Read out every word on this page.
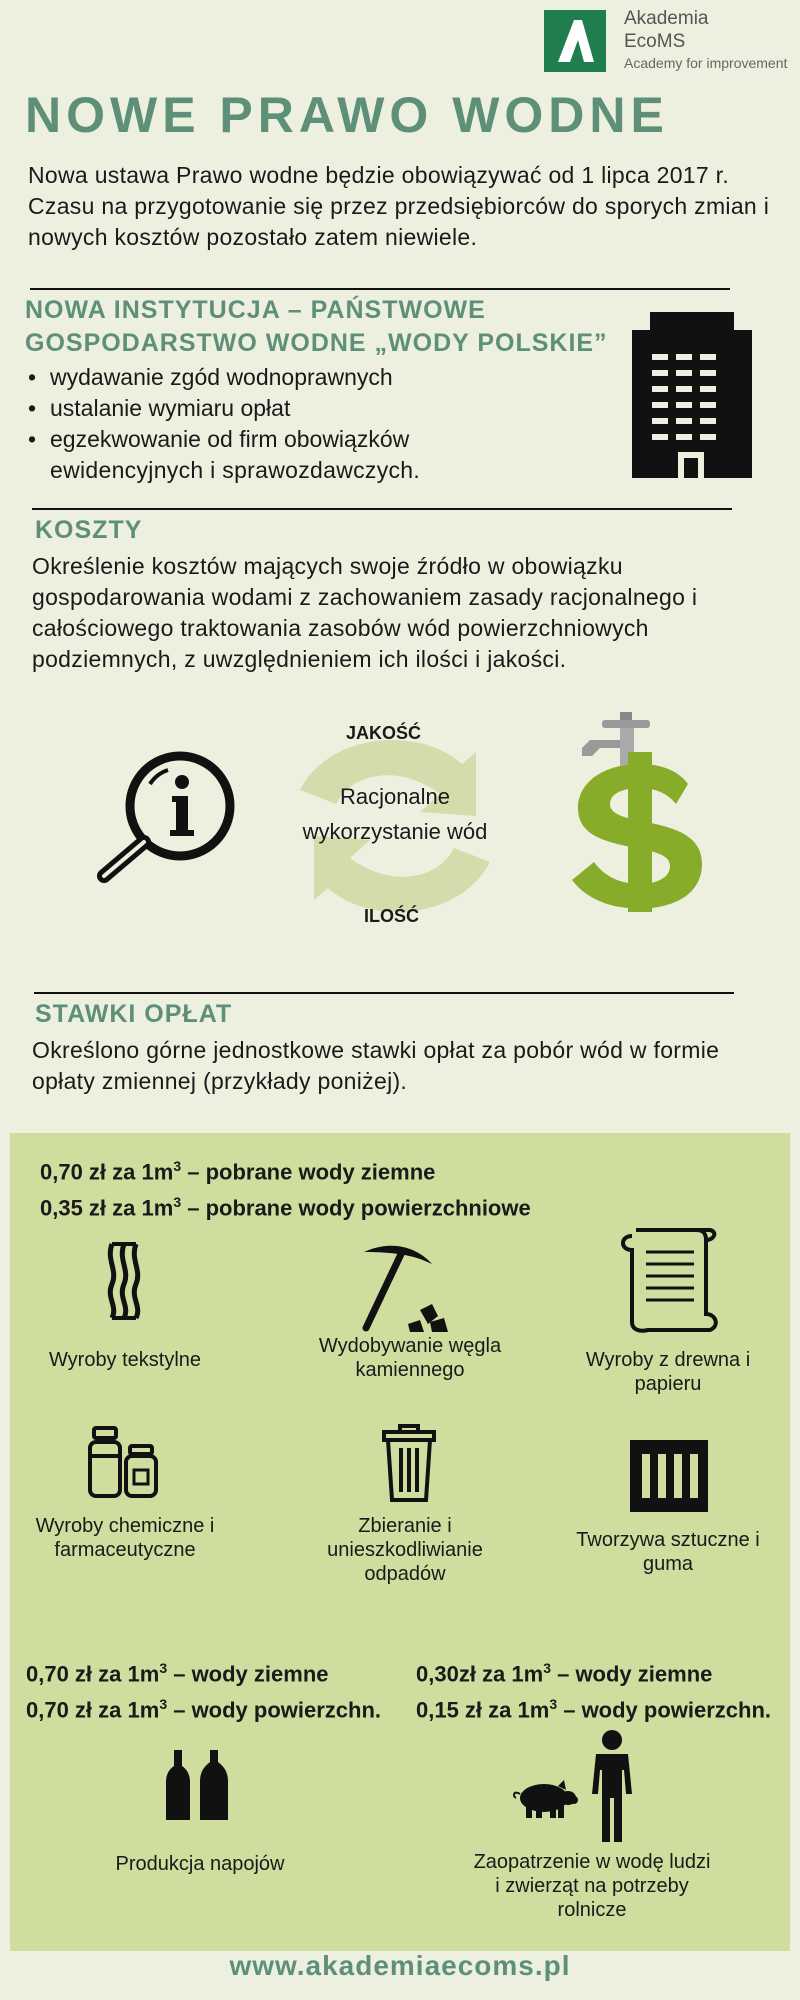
Akademia
EcoMS
Academy for improvement
NOWE PRAWO WODNE
Nowa ustawa Prawo wodne będzie obowiązywać od 1 lipca 2017 r. Czasu na przygotowanie się przez przedsiębiorców do sporych zmian i nowych kosztów pozostało zatem niewiele.
NOWA INSTYTUCJA – PAŃSTWOWE
GOSPODARSTWO WODNE „WODY POLSKIE”
• wydawanie zgód wodnoprawnych
• ustalanie wymiaru opłat
• egzekwowanie od firm obowiązków
ewidencyjnych i sprawozdawczych.
KOSZTY
Określenie kosztów mających swoje źródło w obowiązku gospodarowania wodami z zachowaniem zasady racjonalnego i całościowego traktowania zasobów wód powierzchniowych podziemnych, z uwzględnieniem ich ilości i jakości.
JAKOŚĆ
Racjonalne
wykorzystanie wód
ILOŚĆ
STAWKI OPŁAT
Określono górne jednostkowe stawki opłat za pobór wód w formie opłaty zmiennej (przykłady poniżej).
0,70 zł za $1m^3$ – pobrane wody ziemne
0,35 zł za $1m^3$ – pobrane wody powierzchniowe
Wyroby tekstylne
Wydobywanie węgla kamiennego	Wyroby z drewna i papieru
Wyroby chemiczne i farmaceutyczne
Zbieranie i unieszkodliwianie odpadów
Tworzywa sztuczne i guma
0,70 zł za $1m^3$ – wody ziemne
0,70 zł za $1m^3$ – wody powierzchn.
0,30zł za $1m^3$ – wody ziemne
0,15 zł za $1m^3$ – wody powierzchn.
Produkcja napojów	Zaopatrzenie w wodę ludzi
i zwierząt na potrzeby
rolnicze
www.akademiaecoms.pl
